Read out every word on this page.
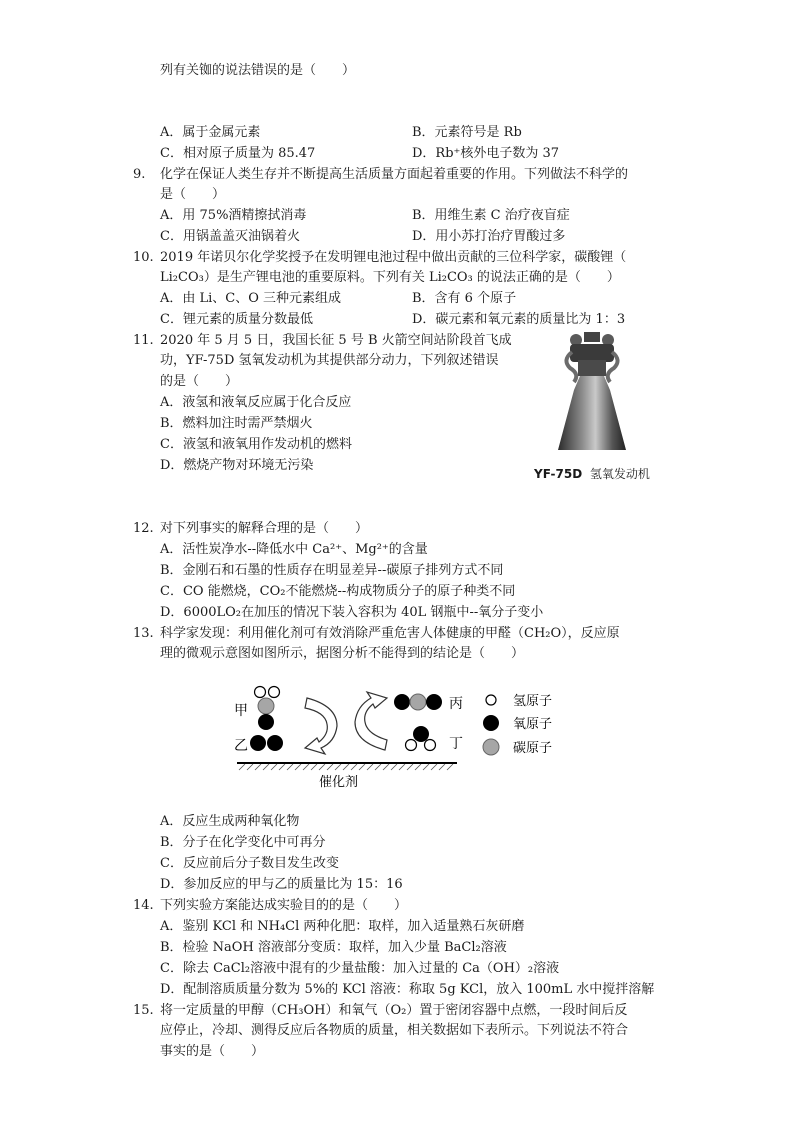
列有关铷的说法错误的是（　　）
A．属于金属元素	B．元素符号是 Rb
C．相对原子质量为 85.47	D．Rb⁺核外电子数为 37
9. 化学在保证人类生存并不断提高生活质量方面起着重要的作用。下列做法不科学的
是（　　）
A．用 75%酒精擦拭消毒	B．用维生素 C 治疗夜盲症
C．用锅盖盖灭油锅着火	D．用小苏打治疗胃酸过多
10. 2019 年诺贝尔化学奖授予在发明锂电池过程中做出贡献的三位科学家，碳酸锂（
Li₂CO₃）是生产锂电池的重要原料。下列有关 Li₂CO₃ 的说法正确的是（　　）
A．由 Li、C、O 三种元素组成	B．含有 6 个原子
C．锂元素的质量分数最低	D．碳元素和氧元素的质量比为 1：3
11. 2020 年 5 月 5 日，我国长征 5 号 B 火箭空间站阶段首飞成
功，YF-75D 氢氧发动机为其提供部分动力，下列叙述错误
的是（　　）
A．液氢和液氧反应属于化合反应
B．燃料加注时需严禁烟火
C．液氢和液氧用作发动机的燃料
D．燃烧产物对环境无污染
YF-75D 氢氧发动机
12. 对下列事实的解释合理的是（　　）
A．活性炭净水--降低水中 Ca²⁺、Mg²⁺的含量
B．金刚石和石墨的性质存在明显差异--碳原子排列方式不同
C．CO 能燃烧，CO₂不能燃烧--构成物质分子的原子种类不同
D．6000LO₂在加压的情况下装入容积为 40L 钢瓶中--氧分子变小
13. 科学家发现：利用催化剂可有效消除严重危害人体健康的甲醛（CH₂O），反应原
理的微观示意图如图所示，据图分析不能得到的结论是（　　）
甲
乙
丙
丁
催化剂
氢原子
氧原子
碳原子
A．反应生成两种氧化物
B．分子在化学变化中可再分
C．反应前后分子数目发生改变
D．参加反应的甲与乙的质量比为 15：16
14. 下列实验方案能达成实验目的的是（　　）
A．鉴别 KCl 和 NH₄Cl 两种化肥：取样，加入适量熟石灰研磨
B．检验 NaOH 溶液部分变质：取样，加入少量 BaCl₂溶液
C．除去 CaCl₂溶液中混有的少量盐酸：加入过量的 Ca（OH）₂溶液
D．配制溶质质量分数为 5%的 KCl 溶液：称取 5g KCl，放入 100mL 水中搅拌溶解
15. 将一定质量的甲醇（CH₃OH）和氧气（O₂）置于密闭容器中点燃，一段时间后反
应停止，冷却、测得反应后各物质的质量，相关数据如下表所示。下列说法不符合
事实的是（　　）
